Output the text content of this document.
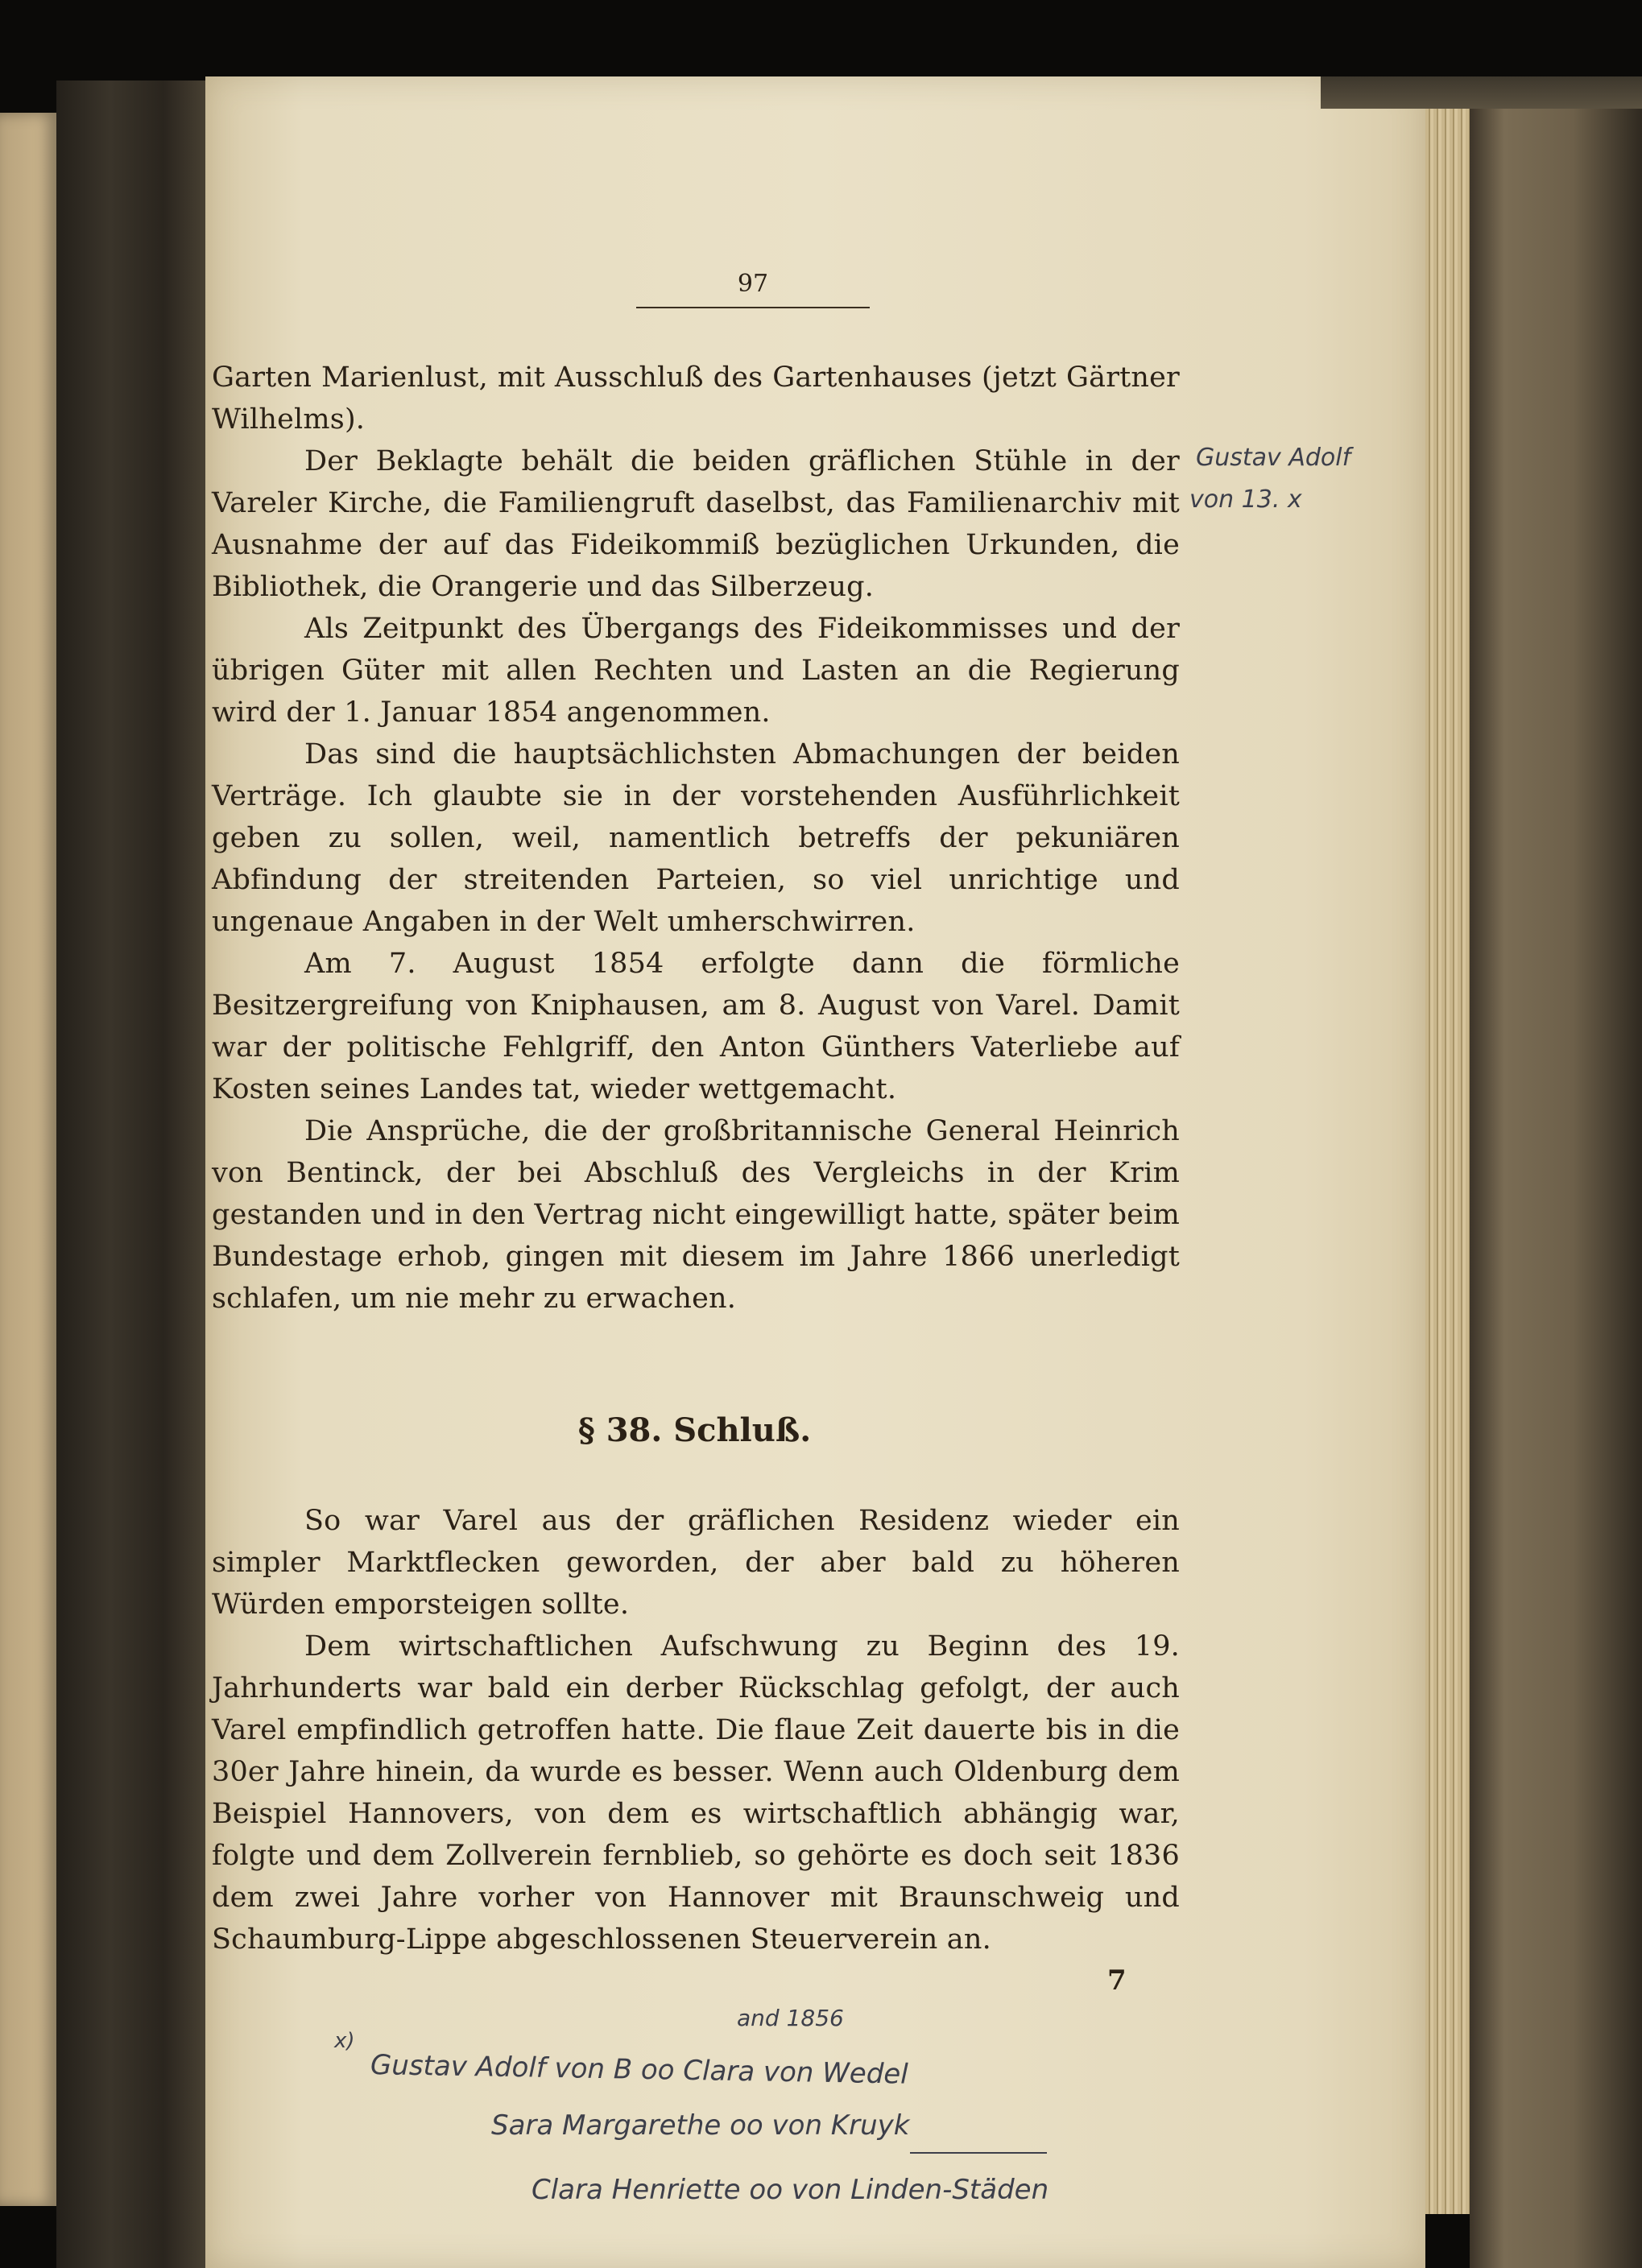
97

Garten Marienlust, mit Ausschluß des Gartenhauses (jetzt Gärtner Wilhelms).

Der Beklagte behält die beiden gräflichen Stühle in der Vareler Kirche, die Familiengruft daselbst, das Familienarchiv mit Ausnahme der auf das Fideikommiß bezüglichen Urkunden, die Bibliothek, die Orangerie und das Silberzeug.

Als Zeitpunkt des Übergangs des Fideikommisses und der übrigen Güter mit allen Rechten und Lasten an die Regierung wird der 1. Januar 1854 angenommen.

Das sind die hauptsächlichsten Abmachungen der beiden Verträge. Ich glaubte sie in der vorstehenden Ausführlichkeit geben zu sollen, weil, namentlich betreffs der pekuniären Abfindung der streitenden Parteien, so viel unrichtige und ungenaue Angaben in der Welt umherschwirren.

Am 7. August 1854 erfolgte dann die förmliche Besitzergreifung von Kniphausen, am 8. August von Varel. Damit war der politische Fehlgriff, den Anton Günthers Vaterliebe auf Kosten seines Landes tat, wieder wettgemacht.

Die Ansprüche, die der großbritannische General Heinrich von Bentinck, der bei Abschluß des Vergleichs in der Krim gestanden und in den Vertrag nicht eingewilligt hatte, später beim Bundestage erhob, gingen mit diesem im Jahre 1866 unerledigt schlafen, um nie mehr zu erwachen.

§ 38. Schluß.

So war Varel aus der gräflichen Residenz wieder ein simpler Marktflecken geworden, der aber bald zu höheren Würden emporsteigen sollte.

Dem wirtschaftlichen Aufschwung zu Beginn des 19. Jahrhunderts war bald ein derber Rückschlag gefolgt, der auch Varel empfindlich getroffen hatte. Die flaue Zeit dauerte bis in die 30er Jahre hinein, da wurde es besser. Wenn auch Oldenburg dem Beispiel Hannovers, von dem es wirtschaftlich abhängig war, folgte und dem Zollverein fernblieb, so gehörte es doch seit 1836 dem zwei Jahre vorher von Hannover mit Braunschweig und Schaumburg-Lippe abgeschlossenen Steuerverein an.

7
Gustav Adolf
von 13. x
and 1856
x)
Gustav Adolf von B oo Clara von Wedel
Sara Margarethe oo von Kruyk
Clara Henriette oo von Linden-Städen
